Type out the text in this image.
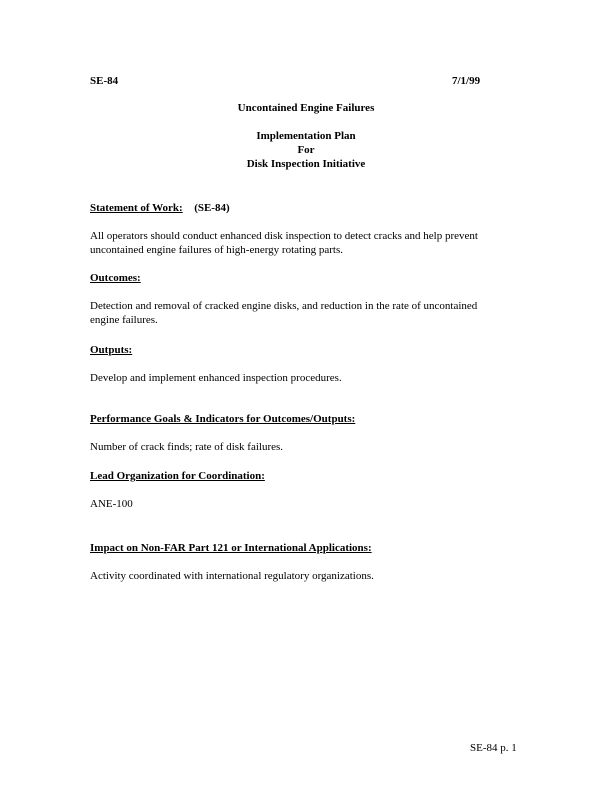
SE-84	7/1/99
Uncontained Engine Failures
Implementation Plan
For
Disk Inspection Initiative
Statement of Work: (SE-84)
All operators should conduct enhanced disk inspection to detect cracks and help prevent
uncontained engine failures of high-energy rotating parts.
Outcomes:
Detection and removal of cracked engine disks, and reduction in the rate of uncontained
engine failures.
Outputs:
Develop and implement enhanced inspection procedures.
Performance Goals & Indicators for Outcomes/Outputs:
Number of crack finds; rate of disk failures.
Lead Organization for Coordination:
ANE-100
Impact on Non-FAR Part 121 or International Applications:
Activity coordinated with international regulatory organizations.
SE-84 p. 1
